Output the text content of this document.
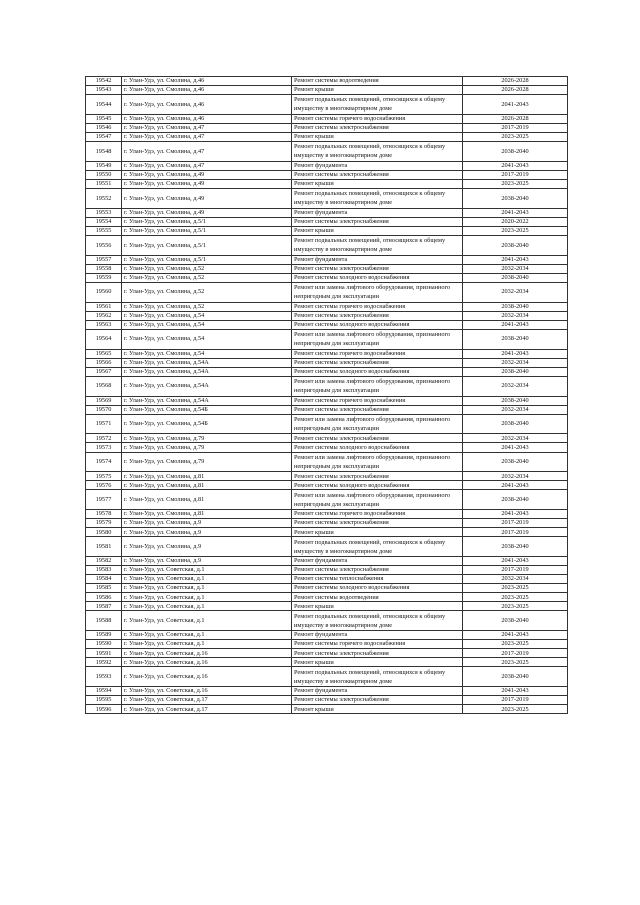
19542	г. Улан-Удэ, ул. Смолина, д.46	Ремонт системы водоотведения	2026-2028
19543	г. Улан-Удэ, ул. Смолина, д.46	Ремонт крыши	2026-2028
19544	г. Улан-Удэ, ул. Смолина, д.46	Ремонт подвальных помещений, относящихся к общему имуществу в многоквартирном доме	2041-2043
19545	г. Улан-Удэ, ул. Смолина, д.46	Ремонт системы горячего водоснабжения	2026-2028
19546	г. Улан-Удэ, ул. Смолина, д.47	Ремонт системы электроснабжения	2017-2019
19547	г. Улан-Удэ, ул. Смолина, д.47	Ремонт крыши	2023-2025
19548	г. Улан-Удэ, ул. Смолина, д.47	Ремонт подвальных помещений, относящихся к общему имуществу в многоквартирном доме	2038-2040
19549	г. Улан-Удэ, ул. Смолина, д.47	Ремонт фундамента	2041-2043
19550	г. Улан-Удэ, ул. Смолина, д.49	Ремонт системы электроснабжения	2017-2019
19551	г. Улан-Удэ, ул. Смолина, д.49	Ремонт крыши	2023-2025
19552	г. Улан-Удэ, ул. Смолина, д.49	Ремонт подвальных помещений, относящихся к общему имуществу в многоквартирном доме	2038-2040
19553	г. Улан-Удэ, ул. Смолина, д.49	Ремонт фундамента	2041-2043
19554	г. Улан-Удэ, ул. Смолина, д.5/1	Ремонт системы электроснабжения	2020-2022
19555	г. Улан-Удэ, ул. Смолина, д.5/1	Ремонт крыши	2023-2025
19556	г. Улан-Удэ, ул. Смолина, д.5/1	Ремонт подвальных помещений, относящихся к общему имуществу в многоквартирном доме	2038-2040
19557	г. Улан-Удэ, ул. Смолина, д.5/1	Ремонт фундамента	2041-2043
19558	г. Улан-Удэ, ул. Смолина, д.52	Ремонт системы электроснабжения	2032-2034
19559	г. Улан-Удэ, ул. Смолина, д.52	Ремонт системы холодного водоснабжения	2038-2040
19560	г. Улан-Удэ, ул. Смолина, д.52	Ремонт или замена лифтового оборудования, признанного непригодным для эксплуатации	2032-2034
19561	г. Улан-Удэ, ул. Смолина, д.52	Ремонт системы горячего водоснабжения	2038-2040
19562	г. Улан-Удэ, ул. Смолина, д.54	Ремонт системы электроснабжения	2032-2034
19563	г. Улан-Удэ, ул. Смолина, д.54	Ремонт системы холодного водоснабжения	2041-2043
19564	г. Улан-Удэ, ул. Смолина, д.54	Ремонт или замена лифтового оборудования, признанного непригодным для эксплуатации	2038-2040
19565	г. Улан-Удэ, ул. Смолина, д.54	Ремонт системы горячего водоснабжения	2041-2043
19566	г. Улан-Удэ, ул. Смолина, д.54А	Ремонт системы электроснабжения	2032-2034
19567	г. Улан-Удэ, ул. Смолина, д.54А	Ремонт системы холодного водоснабжения	2038-2040
19568	г. Улан-Удэ, ул. Смолина, д.54А	Ремонт или замена лифтового оборудования, признанного непригодным для эксплуатации	2032-2034
19569	г. Улан-Удэ, ул. Смолина, д.54А	Ремонт системы горячего водоснабжения	2038-2040
19570	г. Улан-Удэ, ул. Смолина, д.54Б	Ремонт системы электроснабжения	2032-2034
19571	г. Улан-Удэ, ул. Смолина, д.54Б	Ремонт или замена лифтового оборудования, признанного непригодным для эксплуатации	2038-2040
19572	г. Улан-Удэ, ул. Смолина, д.79	Ремонт системы электроснабжения	2032-2034
19573	г. Улан-Удэ, ул. Смолина, д.79	Ремонт системы холодного водоснабжения	2041-2043
19574	г. Улан-Удэ, ул. Смолина, д.79	Ремонт или замена лифтового оборудования, признанного непригодным для эксплуатации	2038-2040
19575	г. Улан-Удэ, ул. Смолина, д.81	Ремонт системы электроснабжения	2032-2034
19576	г. Улан-Удэ, ул. Смолина, д.81	Ремонт системы холодного водоснабжения	2041-2043
19577	г. Улан-Удэ, ул. Смолина, д.81	Ремонт или замена лифтового оборудования, признанного непригодным для эксплуатации	2038-2040
19578	г. Улан-Удэ, ул. Смолина, д.81	Ремонт системы горячего водоснабжения	2041-2043
19579	г. Улан-Удэ, ул. Смолина, д.9	Ремонт системы электроснабжения	2017-2019
19580	г. Улан-Удэ, ул. Смолина, д.9	Ремонт крыши	2017-2019
19581	г. Улан-Удэ, ул. Смолина, д.9	Ремонт подвальных помещений, относящихся к общему имуществу в многоквартирном доме	2038-2040
19582	г. Улан-Удэ, ул. Смолина, д.9	Ремонт фундамента	2041-2043
19583	г. Улан-Удэ, ул. Советская, д.1	Ремонт системы электроснабжения	2017-2019
19584	г. Улан-Удэ, ул. Советская, д.1	Ремонт системы теплоснабжения	2032-2034
19585	г. Улан-Удэ, ул. Советская, д.1	Ремонт системы холодного водоснабжения	2023-2025
19586	г. Улан-Удэ, ул. Советская, д.1	Ремонт системы водоотведения	2023-2025
19587	г. Улан-Удэ, ул. Советская, д.1	Ремонт крыши	2023-2025
19588	г. Улан-Удэ, ул. Советская, д.1	Ремонт подвальных помещений, относящихся к общему имуществу в многоквартирном доме	2038-2040
19589	г. Улан-Удэ, ул. Советская, д.1	Ремонт фундамента	2041-2043
19590	г. Улан-Удэ, ул. Советская, д.1	Ремонт системы горячего водоснабжения	2023-2025
19591	г. Улан-Удэ, ул. Советская, д.16	Ремонт системы электроснабжения	2017-2019
19592	г. Улан-Удэ, ул. Советская, д.16	Ремонт крыши	2023-2025
19593	г. Улан-Удэ, ул. Советская, д.16	Ремонт подвальных помещений, относящихся к общему имуществу в многоквартирном доме	2038-2040
19594	г. Улан-Удэ, ул. Советская, д.16	Ремонт фундамента	2041-2043
19595	г. Улан-Удэ, ул. Советская, д.17	Ремонт системы электроснабжения	2017-2019
19596	г. Улан-Удэ, ул. Советская, д.17	Ремонт крыши	2023-2025
